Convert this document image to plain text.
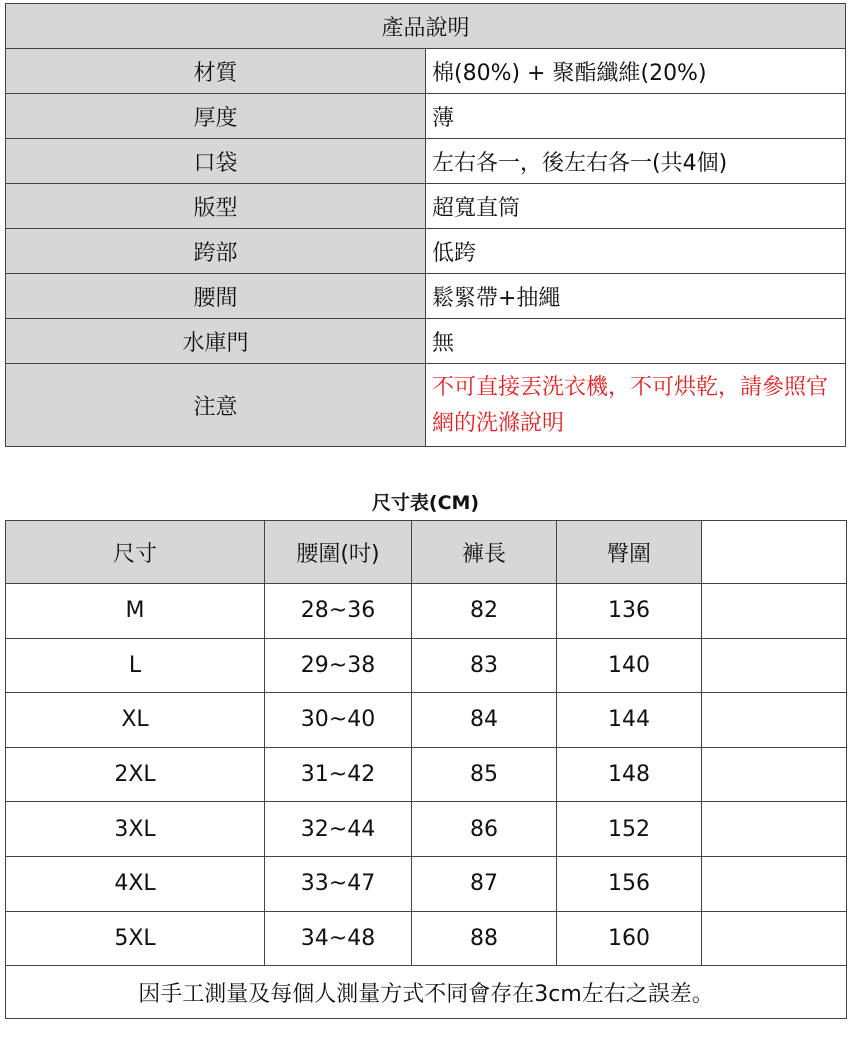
產品說明	
材質	棉(80%) + 聚酯纖維(20%)
厚度	薄
口袋	左右各一，後左右各一(共4個)
版型	超寬直筒
跨部	低跨
腰間	鬆緊帶+抽繩
水庫門	無
注意	不可直接丟洗衣機，不可烘乾，請參照官網的洗滌說明
尺寸表(CM)
尺寸	腰圍(吋)	褲長	臀圍	
M	28~36	82	136	
L	29~38	83	140	
XL	30~40	84	144	
2XL	31~42	85	148	
3XL	32~44	86	152	
4XL	33~47	87	156	
5XL	34~48	88	160	
因手工測量及每個人測量方式不同會存在3cm左右之誤差。				
